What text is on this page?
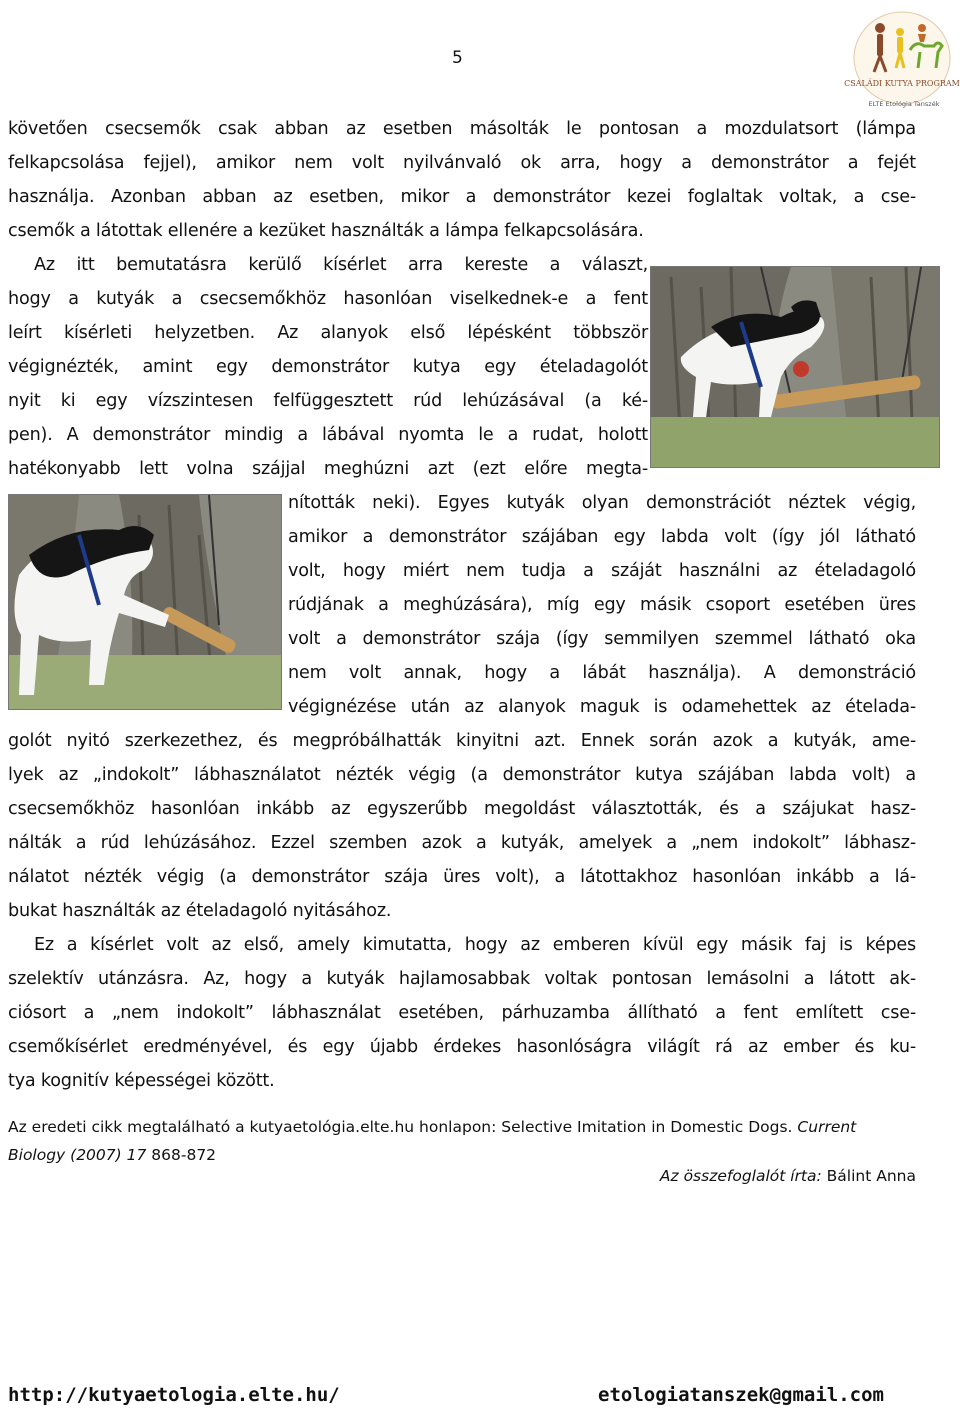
5
CSALÁDI KUTYA PROGRAM
ELTE Etológia Tanszék
követően csecsemők csak abban az esetben másolták le pontosan a mozdulatsort (lámpa
felkapcsolása fejjel), amikor nem volt nyilvánvaló ok arra, hogy a demonstrátor a fejét
használja. Azonban abban az esetben, mikor a demonstrátor kezei foglaltak voltak, a cse-
csemők a látottak ellenére a kezüket használták a lámpa felkapcsolására.
Az itt bemutatásra kerülő kísérlet arra kereste a választ,
hogy a kutyák a csecsemőkhöz hasonlóan viselkednek-e a fent
leírt kísérleti helyzetben. Az alanyok első lépésként többször
végignézték, amint egy demonstrátor kutya egy ételadagolót
nyit ki egy vízszintesen felfüggesztett rúd lehúzásával (a ké-
pen). A demonstrátor mindig a lábával nyomta le a rudat, holott
hatékonyabb lett volna szájjal meghúzni azt (ezt előre megta-
nították neki). Egyes kutyák olyan demonstrációt néztek végig,
amikor a demonstrátor szájában egy labda volt (így jól látható
volt, hogy miért nem tudja a száját használni az ételadagoló
rúdjának a meghúzására), míg egy másik csoport esetében üres
volt a demonstrátor szája (így semmilyen szemmel látható oka
nem volt annak, hogy a lábát használja). A demonstráció
végignézése után az alanyok maguk is odamehettek az ételada-
golót nyitó szerkezethez, és megpróbálhatták kinyitni azt. Ennek során azok a kutyák, ame-
lyek az „indokolt” lábhasználatot nézték végig (a demonstrátor kutya szájában labda volt) a
csecsemőkhöz hasonlóan inkább az egyszerűbb megoldást választották, és a szájukat hasz-
nálták a rúd lehúzásához. Ezzel szemben azok a kutyák, amelyek a „nem indokolt” lábhasz-
nálatot nézték végig (a demonstrátor szája üres volt), a látottakhoz hasonlóan inkább a lá-
bukat használták az ételadagoló nyitásához.
Ez a kísérlet volt az első, amely kimutatta, hogy az emberen kívül egy másik faj is képes
szelektív utánzásra. Az, hogy a kutyák hajlamosabbak voltak pontosan lemásolni a látott ak-
ciósort a „nem indokolt” lábhasználat esetében, párhuzamba állítható a fent említett cse-
csemőkísérlet eredményével, és egy újabb érdekes hasonlóságra világít rá az ember és ku-
tya kognitív képességei között.
Az eredeti cikk megtalálható a kutyaetológia.elte.hu honlapon: Selective Imitation in Domestic Dogs. Current Biology (2007) 17 868-872
Az összefoglalót írta: Bálint Anna
http://kutyaetologia.elte.hu/	etologiatanszek@gmail.com
